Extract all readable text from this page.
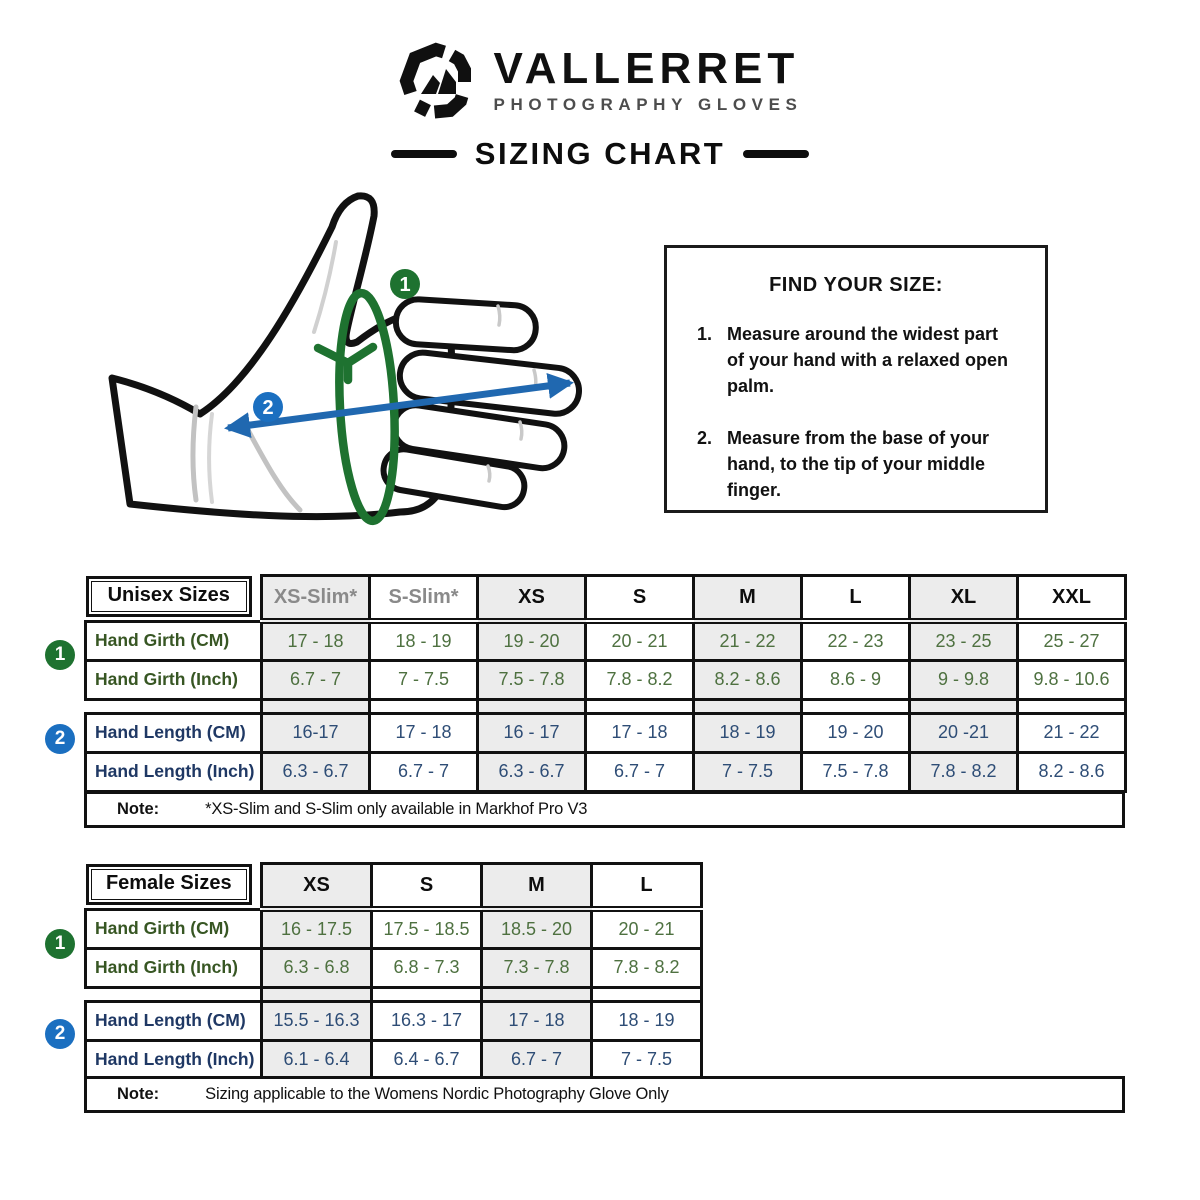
VALLERRET
PHOTOGRAPHY GLOVES
SIZING CHART
1
2
FIND YOUR SIZE:
1. Measure around the widest part of your hand with a relaxed open palm.
2. Measure from the base of your hand, to the tip of your middle finger.
Unisex Sizes	XS-Slim*	S-Slim*	XS	S	M	L	XL	XXL
Hand Girth (CM)	17 - 18	18 - 19	19 - 20	20 - 21	21 - 22	22 - 23	23 - 25	25 - 27
Hand Girth (Inch)	6.7 - 7	7 - 7.5	7.5 - 7.8	7.8 - 8.2	8.2 - 8.6	8.6 - 9	9 - 9.8	9.8 - 10.6

Hand Length (CM)	16-17	17 - 18	16 - 17	17 - 18	18 - 19	19 - 20	20 -21	21 - 22
Hand Length (Inch)	6.3 - 6.7	6.7 - 7	6.3 - 6.7	6.7 - 7	7 - 7.5	7.5 - 7.8	7.8 - 8.2	8.2 - 8.6
1
2
Note:	*XS-Slim and S-Slim only available in Markhof Pro V3
Female Sizes	XS	S	M	L
Hand Girth (CM)	16 - 17.5	17.5 - 18.5	18.5 - 20	20 - 21
Hand Girth (Inch)	6.3 - 6.8	6.8 - 7.3	7.3 - 7.8	7.8 - 8.2

Hand Length (CM)	15.5 - 16.3	16.3 - 17	17 - 18	18 - 19
Hand Length (Inch)	6.1 - 6.4	6.4 - 6.7	6.7 - 7	7 - 7.5
1
2
Note:	Sizing applicable to the Womens Nordic Photography Glove Only
